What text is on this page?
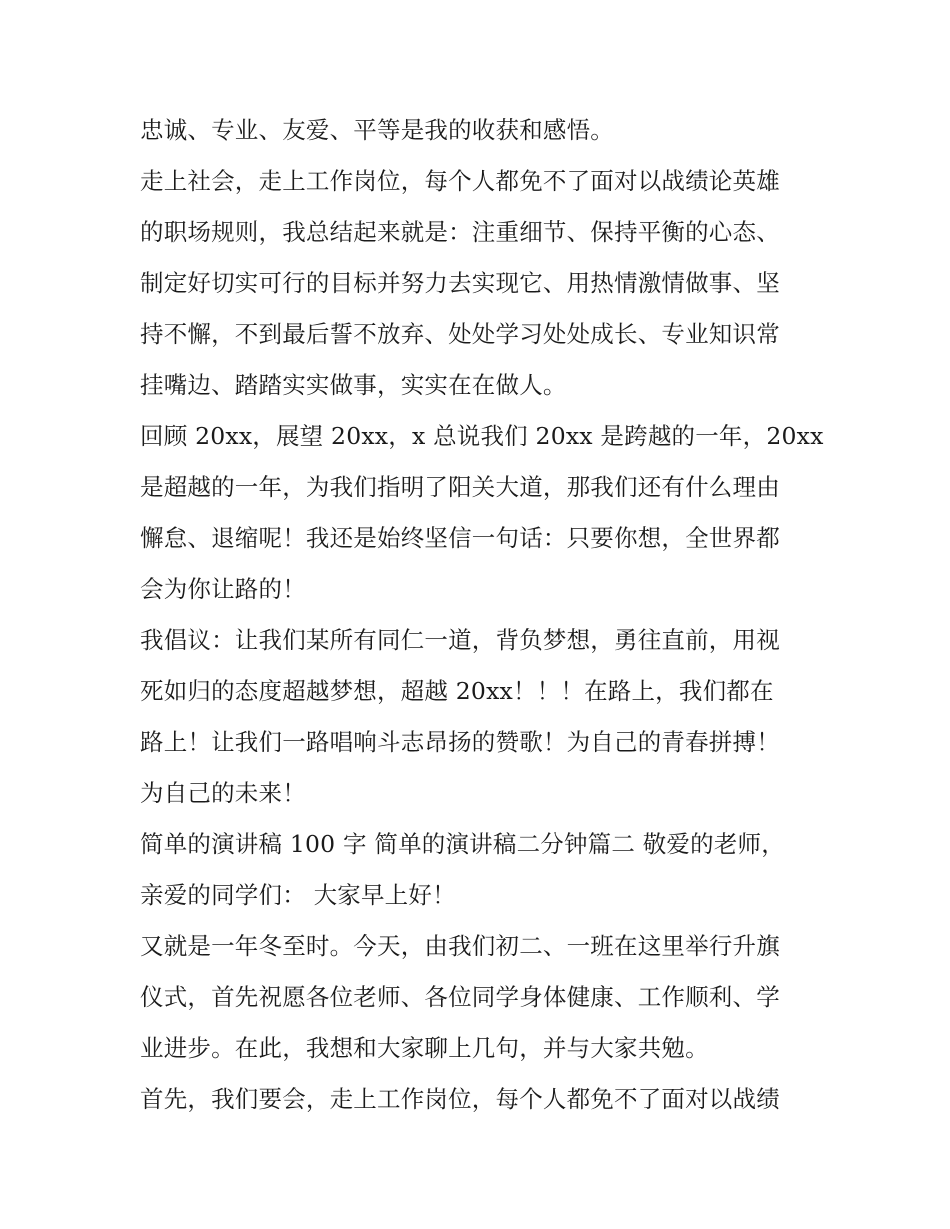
忠诚、专业、友爱、平等是我的收获和感悟。
走上社会，走上工作岗位，每个人都免不了面对以战绩论英雄
的职场规则，我总结起来就是：注重细节、保持平衡的心态、
制定好切实可行的目标并努力去实现它、用热情激情做事、坚
持不懈，不到最后誓不放弃、处处学习处处成长、专业知识常
挂嘴边、踏踏实实做事，实实在在做人。
回顾 20xx，展望 20xx，x 总说我们 20xx 是跨越的一年，20xx
是超越的一年，为我们指明了阳关大道，那我们还有什么理由
懈怠、退缩呢！我还是始终坚信一句话：只要你想，全世界都
会为你让路的！
我倡议：让我们某所有同仁一道，背负梦想，勇往直前，用视
死如归的态度超越梦想，超越 20xx！！！在路上，我们都在
路上！让我们一路唱响斗志昂扬的赞歌！为自己的青春拼搏！
为自己的未来！
简单的演讲稿 100 字 简单的演讲稿二分钟篇二 敬爱的老师，
亲爱的同学们： 大家早上好！
又就是一年冬至时。今天，由我们初二、一班在这里举行升旗
仪式，首先祝愿各位老师、各位同学身体健康、工作顺利、学
业进步。在此，我想和大家聊上几句，并与大家共勉。
首先，我们要会，走上工作岗位，每个人都免不了面对以战绩
